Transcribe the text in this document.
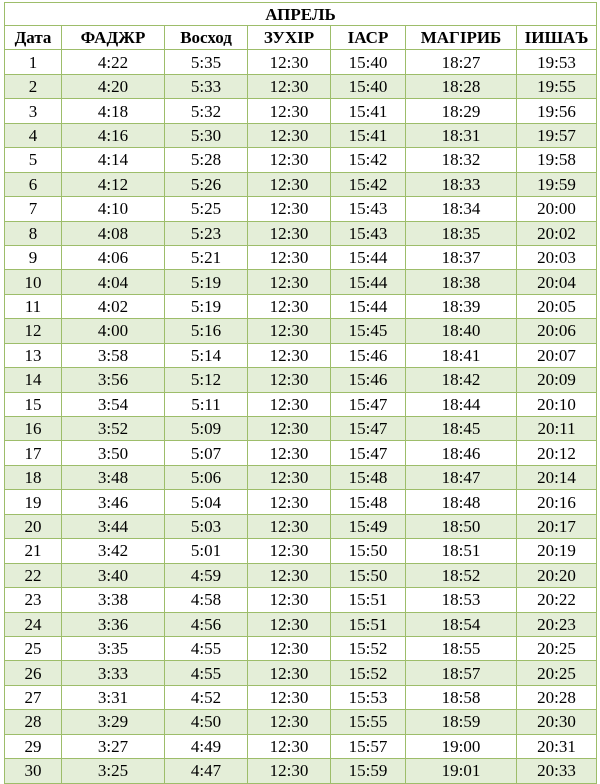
АПРЕЛЬ						
Дата	ФАДЖР	Восход	ЗУХIР	IАСР	МАГIРИБ	IИШАЪ
1	4:22	5:35	12:30	15:40	18:27	19:53
2	4:20	5:33	12:30	15:40	18:28	19:55
3	4:18	5:32	12:30	15:41	18:29	19:56
4	4:16	5:30	12:30	15:41	18:31	19:57
5	4:14	5:28	12:30	15:42	18:32	19:58
6	4:12	5:26	12:30	15:42	18:33	19:59
7	4:10	5:25	12:30	15:43	18:34	20:00
8	4:08	5:23	12:30	15:43	18:35	20:02
9	4:06	5:21	12:30	15:44	18:37	20:03
10	4:04	5:19	12:30	15:44	18:38	20:04
11	4:02	5:19	12:30	15:44	18:39	20:05
12	4:00	5:16	12:30	15:45	18:40	20:06
13	3:58	5:14	12:30	15:46	18:41	20:07
14	3:56	5:12	12:30	15:46	18:42	20:09
15	3:54	5:11	12:30	15:47	18:44	20:10
16	3:52	5:09	12:30	15:47	18:45	20:11
17	3:50	5:07	12:30	15:47	18:46	20:12
18	3:48	5:06	12:30	15:48	18:47	20:14
19	3:46	5:04	12:30	15:48	18:48	20:16
20	3:44	5:03	12:30	15:49	18:50	20:17
21	3:42	5:01	12:30	15:50	18:51	20:19
22	3:40	4:59	12:30	15:50	18:52	20:20
23	3:38	4:58	12:30	15:51	18:53	20:22
24	3:36	4:56	12:30	15:51	18:54	20:23
25	3:35	4:55	12:30	15:52	18:55	20:25
26	3:33	4:55	12:30	15:52	18:57	20:25
27	3:31	4:52	12:30	15:53	18:58	20:28
28	3:29	4:50	12:30	15:55	18:59	20:30
29	3:27	4:49	12:30	15:57	19:00	20:31
30	3:25	4:47	12:30	15:59	19:01	20:33
